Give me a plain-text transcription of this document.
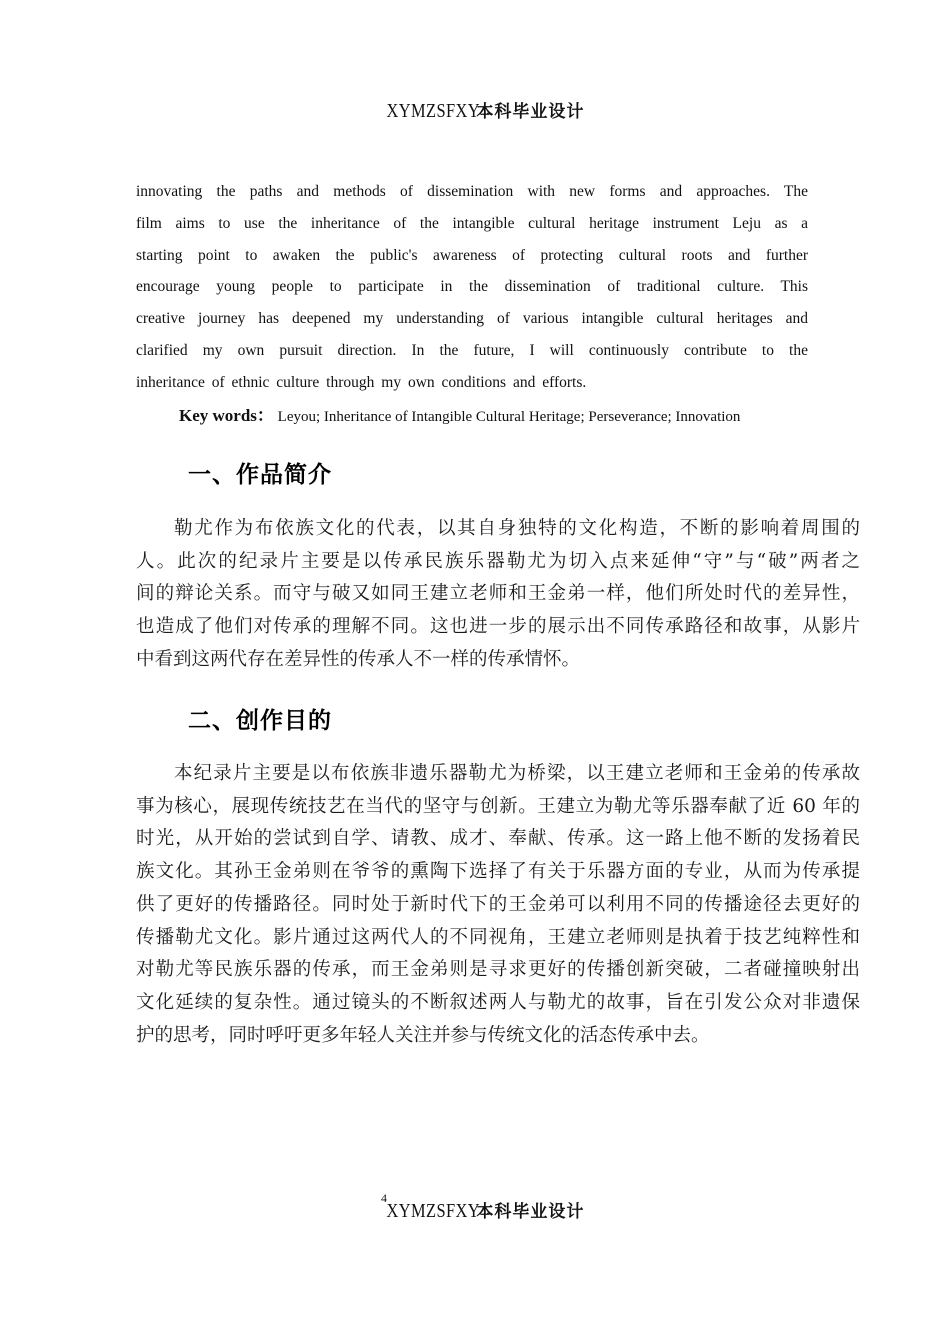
XYMZSFXY 本科毕业设计
innovating the paths and methods of dissemination with new forms and approaches. The
film aims to use the inheritance of the intangible cultural heritage instrument Leju as a
starting point to awaken the public's awareness of protecting cultural roots and further
encourage young people to participate in the dissemination of traditional culture. This
creative journey has deepened my understanding of various intangible cultural heritages and
clarified my own pursuit direction. In the future, I will continuously contribute to the
inheritance of ethnic culture through my own conditions and efforts.
Key words： Leyou; Inheritance of Intangible Cultural Heritage; Perseverance; Innovation
一、作品简介
勒尤作为布依族文化的代表，以其自身独特的文化构造，不断的影响着周围的
人。此次的纪录片主要是以传承民族乐器勒尤为切入点来延伸“守”与“破”两者之
间的辩论关系。而守与破又如同王建立老师和王金弟一样，他们所处时代的差异性，
也造成了他们对传承的理解不同。这也进一步的展示出不同传承路径和故事，从影片
中看到这两代存在差异性的传承人不一样的传承情怀。
二、创作目的
本纪录片主要是以布依族非遗乐器勒尤为桥梁，以王建立老师和王金弟的传承故
事为核心，展现传统技艺在当代的坚守与创新。王建立为勒尤等乐器奉献了近 60 年的
时光，从开始的尝试到自学、请教、成才、奉献、传承。这一路上他不断的发扬着民
族文化。其孙王金弟则在爷爷的熏陶下选择了有关于乐器方面的专业，从而为传承提
供了更好的传播路径。同时处于新时代下的王金弟可以利用不同的传播途径去更好的
传播勒尤文化。影片通过这两代人的不同视角，王建立老师则是执着于技艺纯粹性和
对勒尤等民族乐器的传承，而王金弟则是寻求更好的传播创新突破，二者碰撞映射出
文化延续的复杂性。通过镜头的不断叙述两人与勒尤的故事，旨在引发公众对非遗保
护的思考，同时呼吁更多年轻人关注并参与传统文化的活态传承中去。
4
XYMZSFXY 本科毕业设计
